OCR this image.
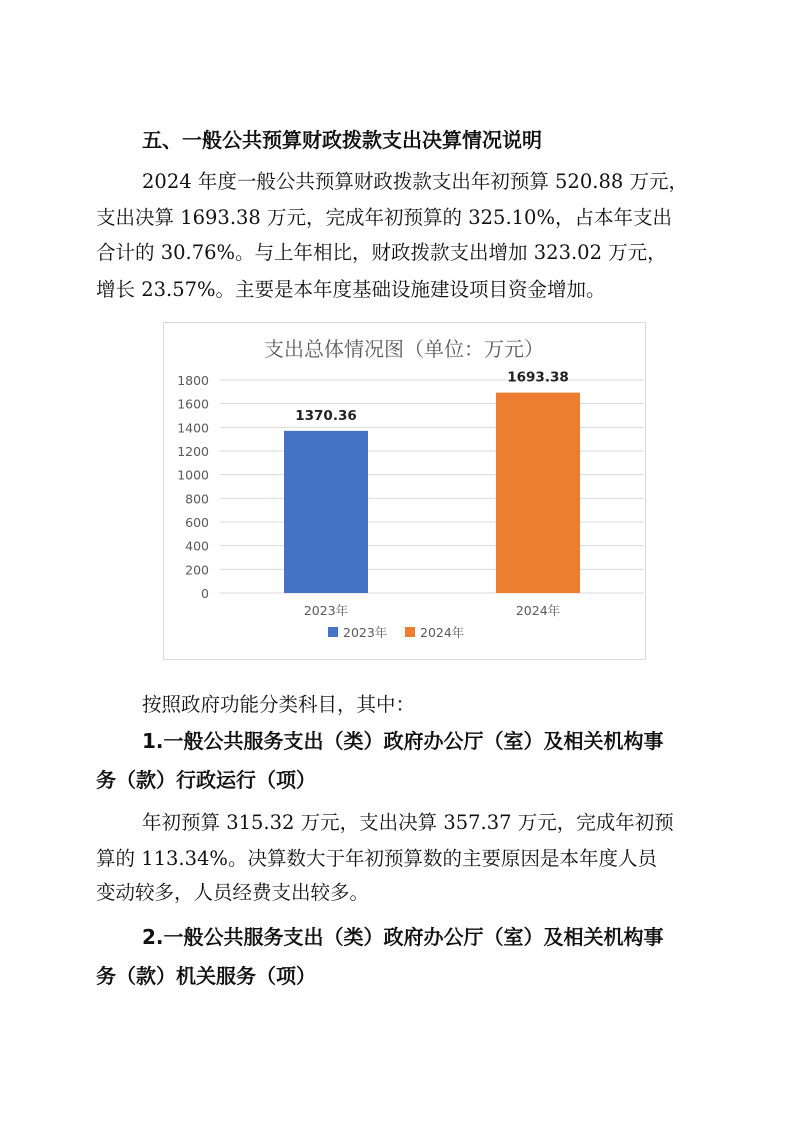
五、一般公共预算财政拨款支出决算情况说明
2024 年度一般公共预算财政拨款支出年初预算 520.88 万元，
支出决算 1693.38 万元，完成年初预算的 325.10%，占本年支出
合计的 30.76%。与上年相比，财政拨款支出增加 323.02 万元，
增长 23.57%。主要是本年度基础设施建设项目资金增加。
支出总体情况图（单位：万元）
0
200
400
600
800
1000
1200
1400
1600
1800
1370.36
2023年
1693.38
2024年
2023年	2024年
按照政府功能分类科目，其中：
1.一般公共服务支出（类）政府办公厅（室）及相关机构事
务（款）行政运行（项）
年初预算 315.32 万元，支出决算 357.37 万元，完成年初预
算的 113.34%。决算数大于年初预算数的主要原因是本年度人员
变动较多，人员经费支出较多。
2.一般公共服务支出（类）政府办公厅（室）及相关机构事
务（款）机关服务（项）
